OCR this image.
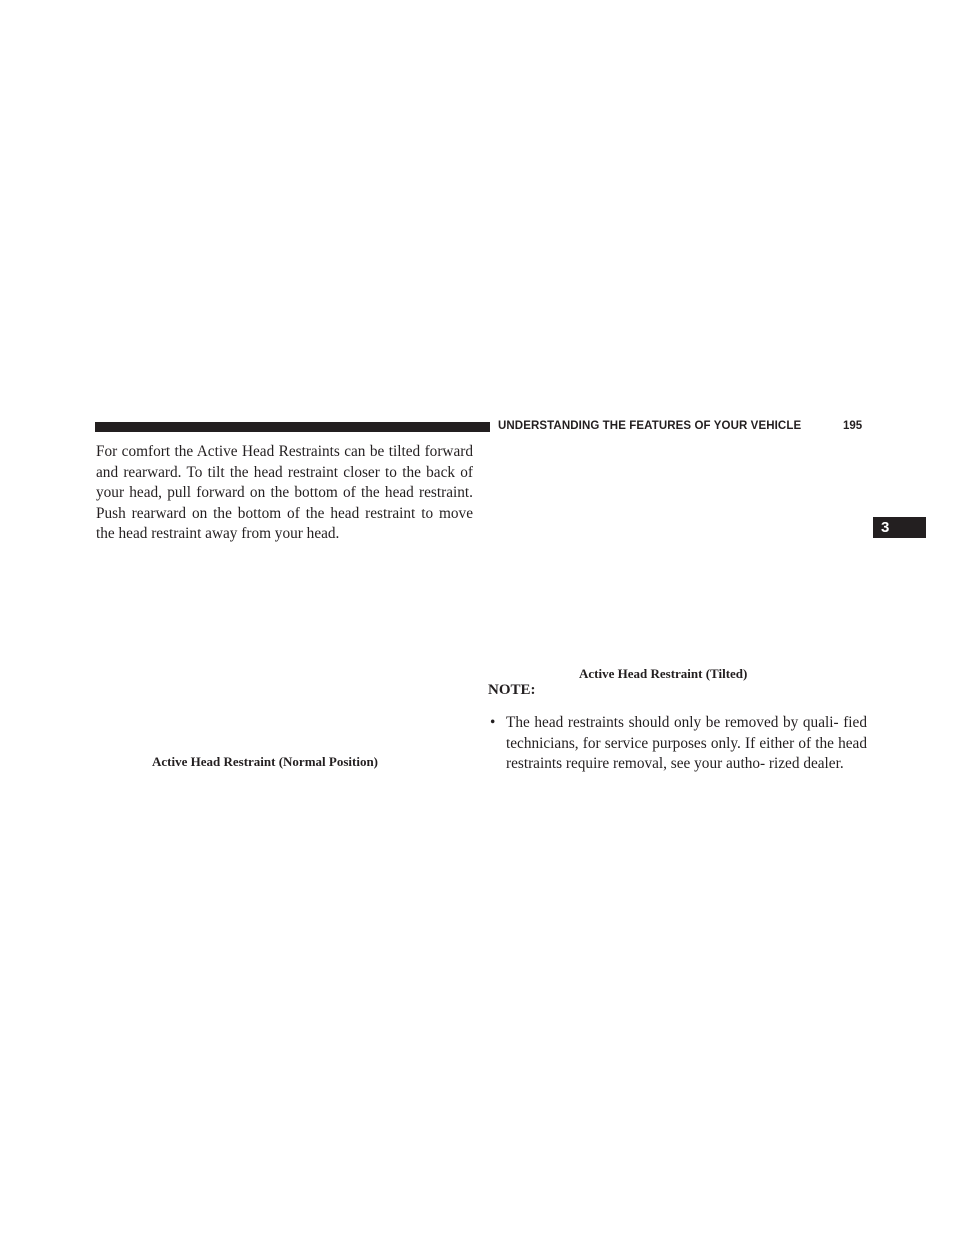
UNDERSTANDING THE FEATURES OF YOUR VEHICLE	195
3

For comfort the Active Head Restraints can be tilted forward and rearward. To tilt the head restraint closer to the back of your head, pull forward on the bottom of the head restraint. Push rearward on the bottom of the head restraint to move the head restraint away from your head.

Active Head Restraint (Tilted)
Active Head Restraint (Normal Position)
NOTE:
• The head restraints should only be removed by quali- fied technicians, for service purposes only. If either of the head restraints require removal, see your autho- rized dealer.
